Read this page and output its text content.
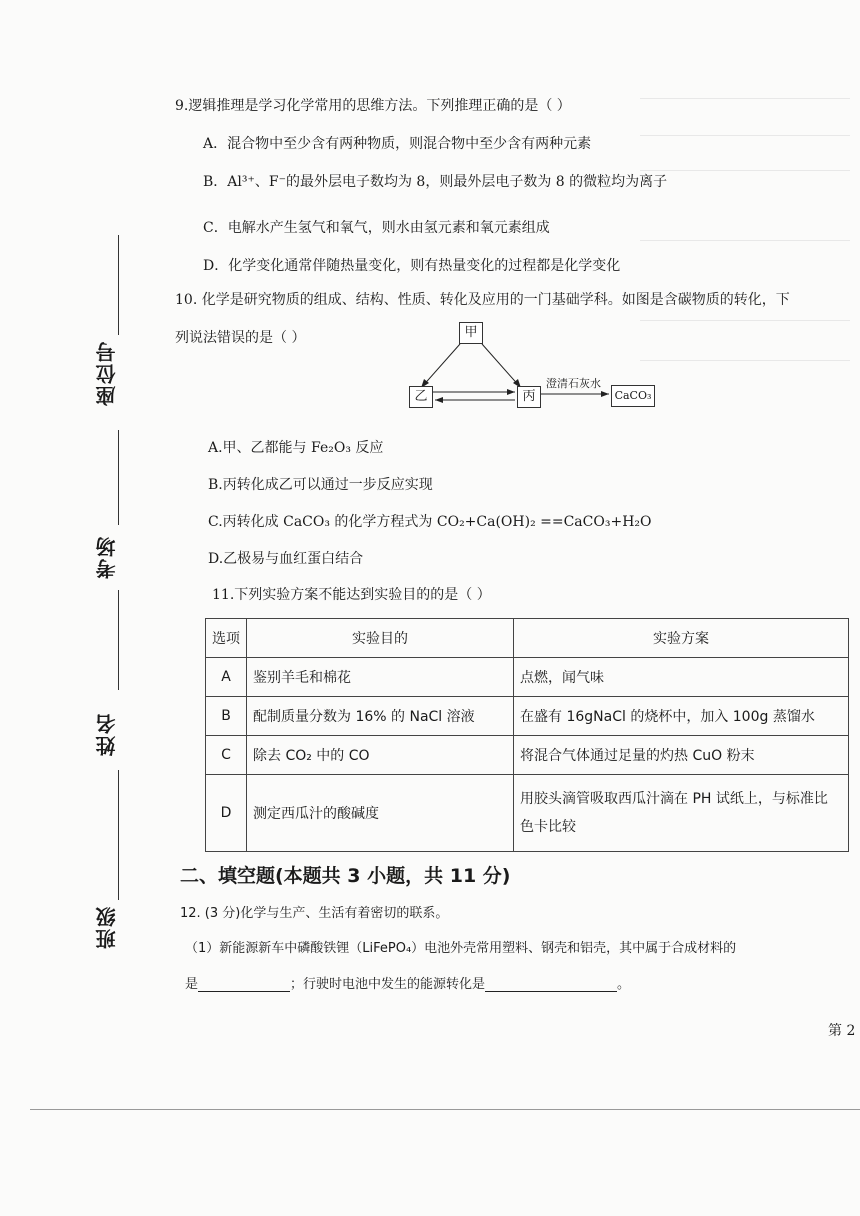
座位号
考场
姓名
班级
9.逻辑推理是学习化学常用的思维方法。下列推理正确的是（ ）
A．混合物中至少含有两种物质，则混合物中至少含有两种元素
B．Al³⁺、F⁻的最外层电子数均为 8，则最外层电子数为 8 的微粒均为离子
C．电解水产生氢气和氧气，则水由氢元素和氧元素组成
D．化学变化通常伴随热量变化，则有热量变化的过程都是化学变化
10. 化学是研究物质的组成、结构、性质、转化及应用的一门基础学科。如图是含碳物质的转化，下
列说法错误的是（ ）	甲
乙	丙	CaCO₃
澄清石灰水
A.甲、乙都能与 Fe₂O₃ 反应
B.丙转化成乙可以通过一步反应实现
C.丙转化成 CaCO₃ 的化学方程式为 CO₂+Ca(OH)₂ ==CaCO₃+H₂O
D.乙极易与血红蛋白结合
11.下列实验方案不能达到实验目的的是（ ）
选项	实验目的	实验方案
A	鉴别羊毛和棉花	点燃，闻气味
B	配制质量分数为 16% 的 NaCl 溶液	在盛有 16gNaCl 的烧杯中，加入 100g 蒸馏水
C	除去 CO₂ 中的 CO	将混合气体通过足量的灼热 CuO 粉末
D	测定西瓜汁的酸碱度	用胶头滴管吸取西瓜汁滴在 PH 试纸上，与标准比
色卡比较
二、填空题(本题共 3 小题，共 11 分)
12. (3 分)化学与生产、生活有着密切的联系。
（1）新能源新车中磷酸铁锂（LiFePO₄）电池外壳常用塑料、钢壳和铝壳，其中属于合成材料的
是	；行驶时电池中发生的能源转化是	。
第 2
